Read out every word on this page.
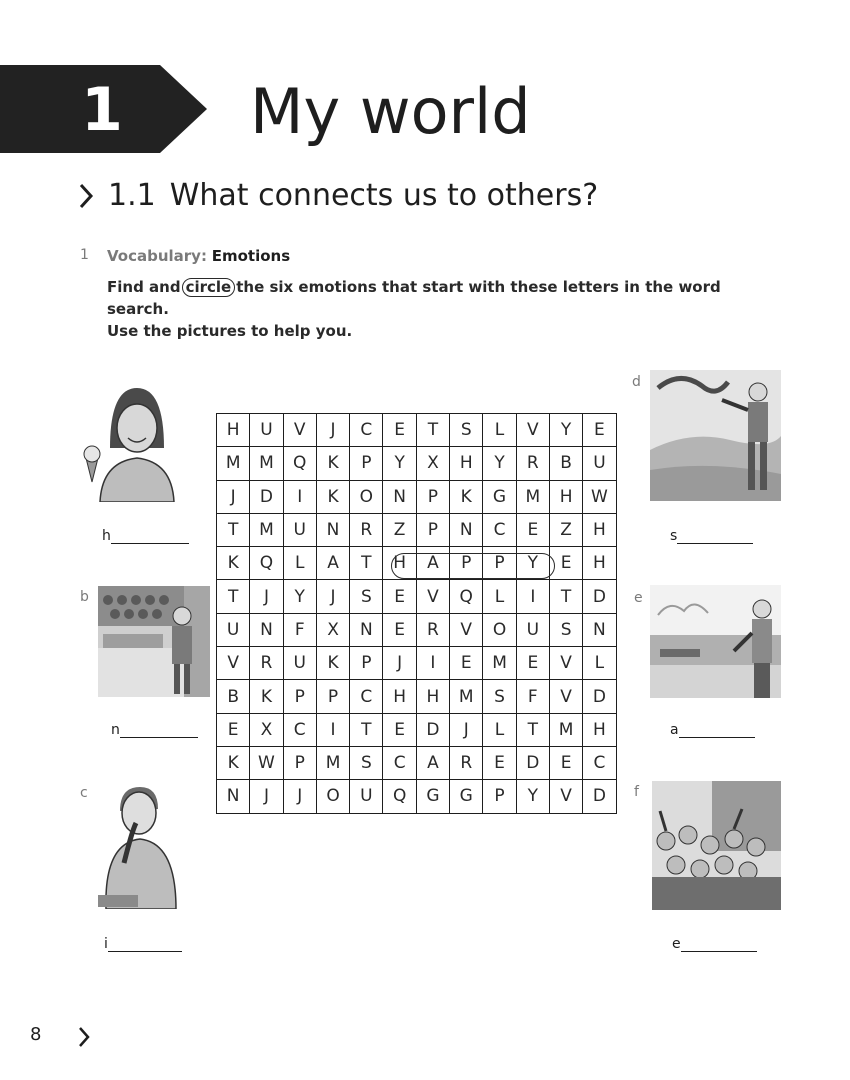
1 My world
1.1 What connects us to others?
1 Vocabulary: Emotions
Find and circle the six emotions that start with these letters in the word search.
Use the pictures to help you.
h
b
n
c
i
d
s
e
a
f
e
H	U	V	J	C	E	T	S	L	V	Y	E
M	M	Q	K	P	Y	X	H	Y	R	B	U
J	D	I	K	O	N	P	K	G	M	H	W
T	M	U	N	R	Z	P	N	C	E	Z	H
K	Q	L	A	T	H	A	P	P	Y	E	H
T	J	Y	J	S	E	V	Q	L	I	T	D
U	N	F	X	N	E	R	V	O	U	S	N
V	R	U	K	P	J	I	E	M	E	V	L
B	K	P	P	C	H	H	M	S	F	V	D
E	X	C	I	T	E	D	J	L	T	M	H
K	W	P	M	S	C	A	R	E	D	E	C
N	J	J	O	U	Q	G	G	P	Y	V	D
8
